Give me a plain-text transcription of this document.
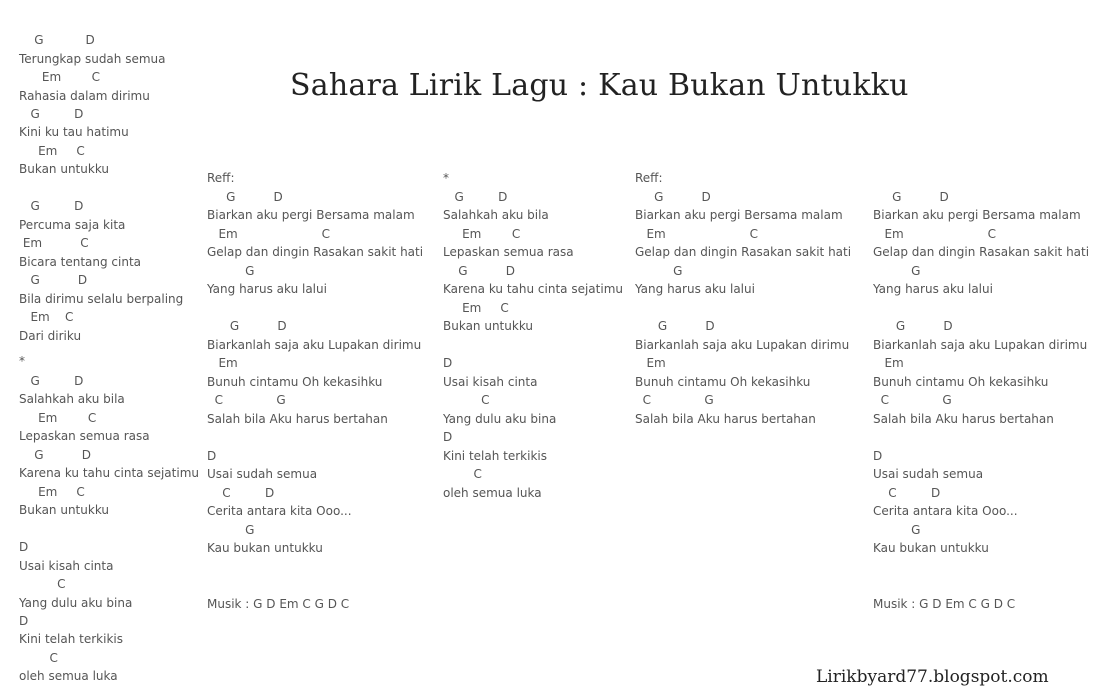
Sahara Lirik Lagu : Kau Bukan Untukku
G           D
Terungkap sudah semua
Em        C
Rahasia dalam dirimu
G         D
Kini ku tau hatimu
Em     C
Bukan untukku
G         D
Percuma saja kita
Em          C
Bicara tentang cinta
G          D
Bila dirimu selalu berpaling
Em    C
Dari diriku
*
G         D
Salahkah aku bila
Em        C
Lepaskan semua rasa
G          D
Karena ku tahu cinta sejatimu
Em     C
Bukan untukku
D
Usai kisah cinta
C
Yang dulu aku bina
D
Kini telah terkikis
C
oleh semua luka
Reff:
G          D
Biarkan aku pergi Bersama malam
Em                      C
Gelap dan dingin Rasakan sakit hati
G
Yang harus aku lalui
G          D
Biarkanlah saja aku Lupakan dirimu
Em
Bunuh cintamu Oh kekasihku
C              G
Salah bila Aku harus bertahan
D
Usai sudah semua
C         D
Cerita antara kita Ooo...
G
Kau bukan untukku
Musik : G D Em C G D C
*
G         D
Salahkah aku bila
Em        C
Lepaskan semua rasa
G          D
Karena ku tahu cinta sejatimu
Em     C
Bukan untukku
D
Usai kisah cinta
C
Yang dulu aku bina
D
Kini telah terkikis
C
oleh semua luka
Reff:
G          D
Biarkan aku pergi Bersama malam
Em                      C
Gelap dan dingin Rasakan sakit hati
G
Yang harus aku lalui
G          D
Biarkanlah saja aku Lupakan dirimu
Em
Bunuh cintamu Oh kekasihku
C              G
Salah bila Aku harus bertahan
G          D
Biarkan aku pergi Bersama malam
Em                      C
Gelap dan dingin Rasakan sakit hati
G
Yang harus aku lalui
G          D
Biarkanlah saja aku Lupakan dirimu
Em
Bunuh cintamu Oh kekasihku
C              G
Salah bila Aku harus bertahan
D
Usai sudah semua
C         D
Cerita antara kita Ooo...
G
Kau bukan untukku
Musik : G D Em C G D C
Lirikbyard77.blogspot.com
